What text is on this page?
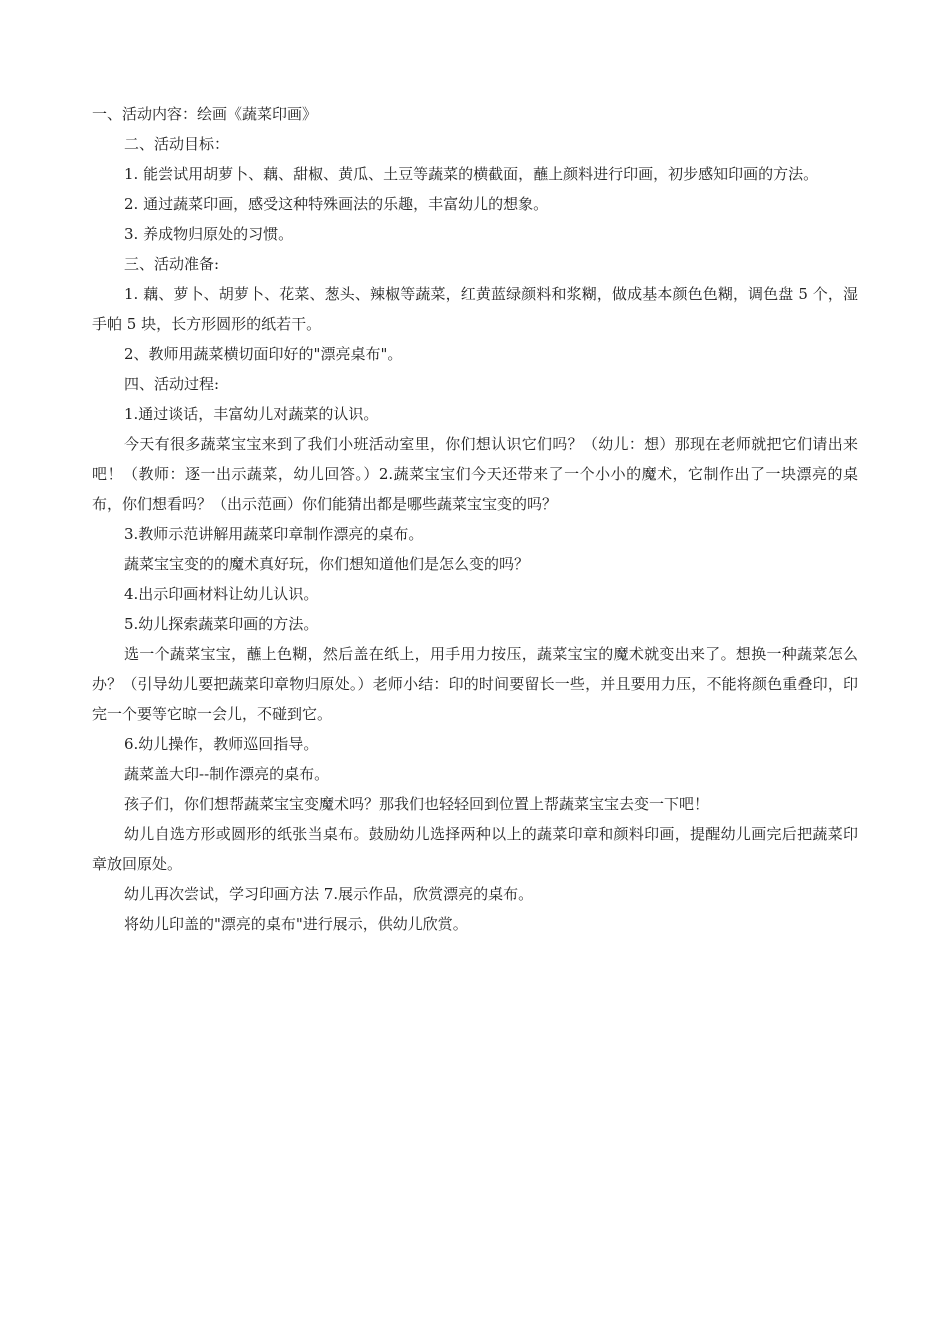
一、活动内容：绘画《蔬菜印画》

二、活动目标：

1. 能尝试用胡萝卜、藕、甜椒、黄瓜、土豆等蔬菜的横截面，蘸上颜料进行印画，初步感知印画的方法。

2. 通过蔬菜印画，感受这种特殊画法的乐趣，丰富幼儿的想象。

3. 养成物归原处的习惯。

三、活动准备:

1. 藕、萝卜、胡萝卜、花菜、葱头、辣椒等蔬菜，红黄蓝绿颜料和浆糊，做成基本颜色色糊，调色盘 5 个，湿手帕 5 块，长方形圆形的纸若干。

2、教师用蔬菜横切面印好的"漂亮桌布"。

四、活动过程:

1.通过谈话，丰富幼儿对蔬菜的认识。

今天有很多蔬菜宝宝来到了我们小班活动室里，你们想认识它们吗？（幼儿：想）那现在老师就把它们请出来吧！（教师：逐一出示蔬菜，幼儿回答。）2.蔬菜宝宝们今天还带来了一个小小的魔术，它制作出了一块漂亮的桌布，你们想看吗？（出示范画）你们能猜出都是哪些蔬菜宝宝变的吗？

3.教师示范讲解用蔬菜印章制作漂亮的桌布。

蔬菜宝宝变的的魔术真好玩，你们想知道他们是怎么变的吗？

4.出示印画材料让幼儿认识。

5.幼儿探索蔬菜印画的方法。

选一个蔬菜宝宝，蘸上色糊，然后盖在纸上，用手用力按压，蔬菜宝宝的魔术就变出来了。想换一种蔬菜怎么办？（引导幼儿要把蔬菜印章物归原处。）老师小结：印的时间要留长一些，并且要用力压，不能将颜色重叠印，印完一个要等它晾一会儿，不碰到它。

6.幼儿操作，教师巡回指导。

蔬菜盖大印--制作漂亮的桌布。

孩子们，你们想帮蔬菜宝宝变魔术吗？那我们也轻轻回到位置上帮蔬菜宝宝去变一下吧！

幼儿自选方形或圆形的纸张当桌布。鼓励幼儿选择两种以上的蔬菜印章和颜料印画，提醒幼儿画完后把蔬菜印章放回原处。

幼儿再次尝试，学习印画方法 7.展示作品，欣赏漂亮的桌布。

将幼儿印盖的"漂亮的桌布"进行展示，供幼儿欣赏。
